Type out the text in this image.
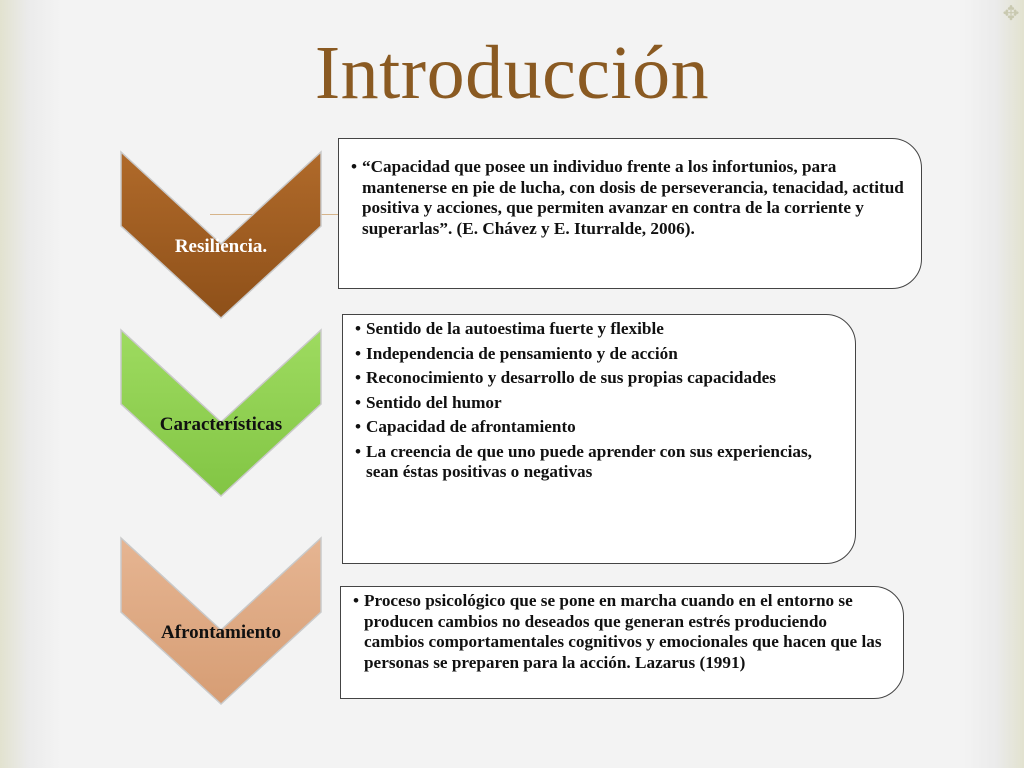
✥
Introducción
Resiliencia.
• “Capacidad que posee un individuo frente a los infortunios, para mantenerse en pie de lucha, con dosis de perseverancia, tenacidad, actitud positiva y acciones, que permiten avanzar en contra de la corriente y superarlas”. (E. Chávez y E. Iturralde, 2006).
Características
• Sentido de la autoestima fuerte y flexible
• Independencia de pensamiento y de acción
• Reconocimiento y desarrollo de sus propias capacidades
• Sentido del humor
• Capacidad de afrontamiento
• La creencia de que uno puede aprender con sus experiencias, sean éstas positivas o negativas
Afrontamiento
• Proceso psicológico que se pone en marcha cuando en el entorno se producen cambios no deseados que generan estrés produciendo cambios comportamentales cognitivos y emocionales que hacen que las personas se preparen para la acción. Lazarus (1991)
